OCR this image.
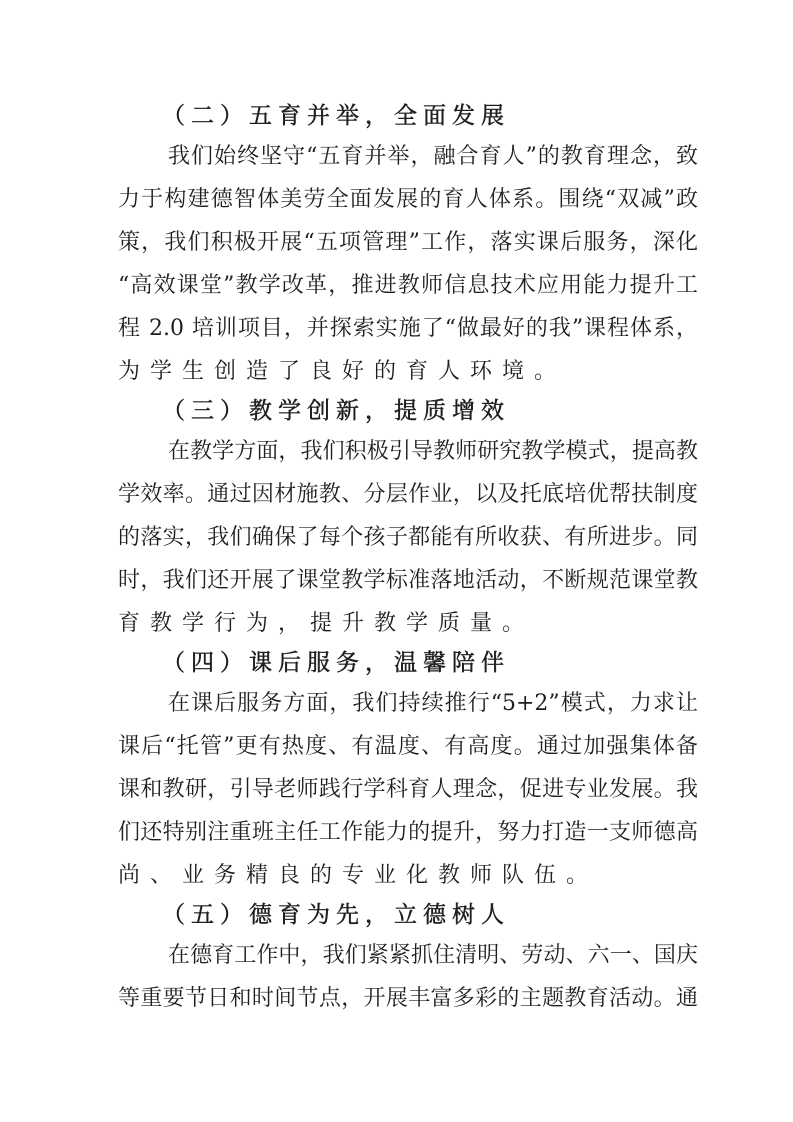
（二）五育并举，全面发展
我们始终坚守“五育并举，融合育人”的教育理念，致
力于构建德智体美劳全面发展的育人体系。围绕“双减”政
策，我们积极开展“五项管理”工作，落实课后服务，深化
“高效课堂”教学改革，推进教师信息技术应用能力提升工
程 2.0 培训项目，并探索实施了“做最好的我”课程体系，
为学生创造了良好的育人环境。
（三）教学创新，提质增效
在教学方面，我们积极引导教师研究教学模式，提高教
学效率。通过因材施教、分层作业，以及托底培优帮扶制度
的落实，我们确保了每个孩子都能有所收获、有所进步。同
时，我们还开展了课堂教学标准落地活动，不断规范课堂教
育教学行为，提升教学质量。
（四）课后服务，温馨陪伴
在课后服务方面，我们持续推行“5+2”模式，力求让
课后“托管”更有热度、有温度、有高度。通过加强集体备
课和教研，引导老师践行学科育人理念，促进专业发展。我
们还特别注重班主任工作能力的提升，努力打造一支师德高
尚、业务精良的专业化教师队伍。
（五）德育为先，立德树人
在德育工作中，我们紧紧抓住清明、劳动、六一、国庆
等重要节日和时间节点，开展丰富多彩的主题教育活动。通
